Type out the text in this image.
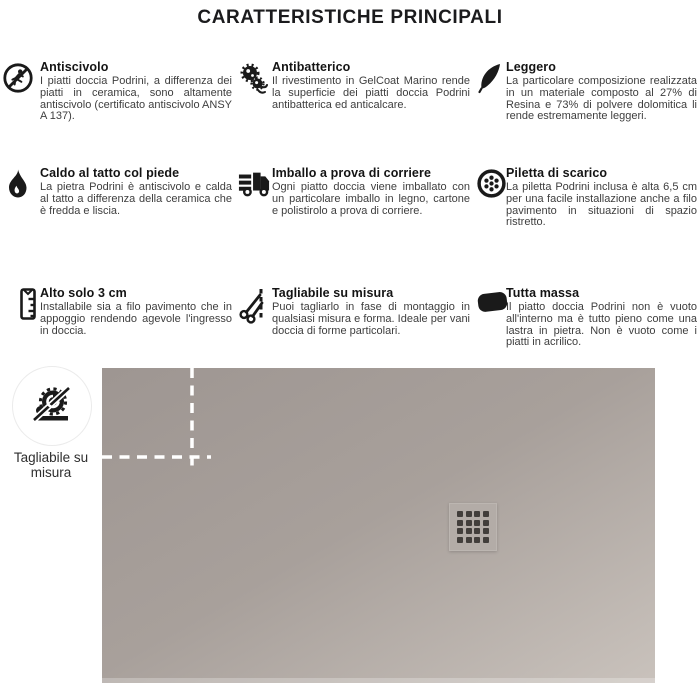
CARATTERISTICHE PRINCIPALI
Antiscivolo

I piatti doccia Podrini, a differenza dei piatti in ceramica, sono altamente antiscivolo (certificato antiscivolo ANSY A 137).

Antibatterico

Il rivestimento in GelCoat Marino rende la superficie dei piatti doccia Podrini antibatterica ed anticalcare.

Leggero

La particolare composizione realizzata in un materiale composto al 27% di Resina e 73% di polvere dolomitica li rende estremamente leggeri.

Caldo al tatto col piede

La pietra Podrini è antiscivolo e calda al tatto a differenza della ceramica che è fredda e liscia.

Imballo a prova di corriere

Ogni piatto doccia viene imballato con un particolare imballo in legno, cartone e polistirolo a prova di corriere.

Piletta di scarico

La piletta Podrini inclusa è alta 6,5 cm per una facile installazione anche a filo pavimento in situazioni di spazio ristretto.

Alto solo 3 cm

Installabile sia a filo pavimento che in appoggio rendendo agevole l'ingresso in doccia.

Tagliabile su misura

Puoi tagliarlo in fase di montaggio in qualsiasi misura e forma. Ideale per vani doccia di forme particolari.

Tutta massa

Il piatto doccia Podrini non è vuoto all'interno ma è tutto pieno come una lastra in pietra. Non è vuoto come i piatti in acrilico.

Tagliabile su misura
